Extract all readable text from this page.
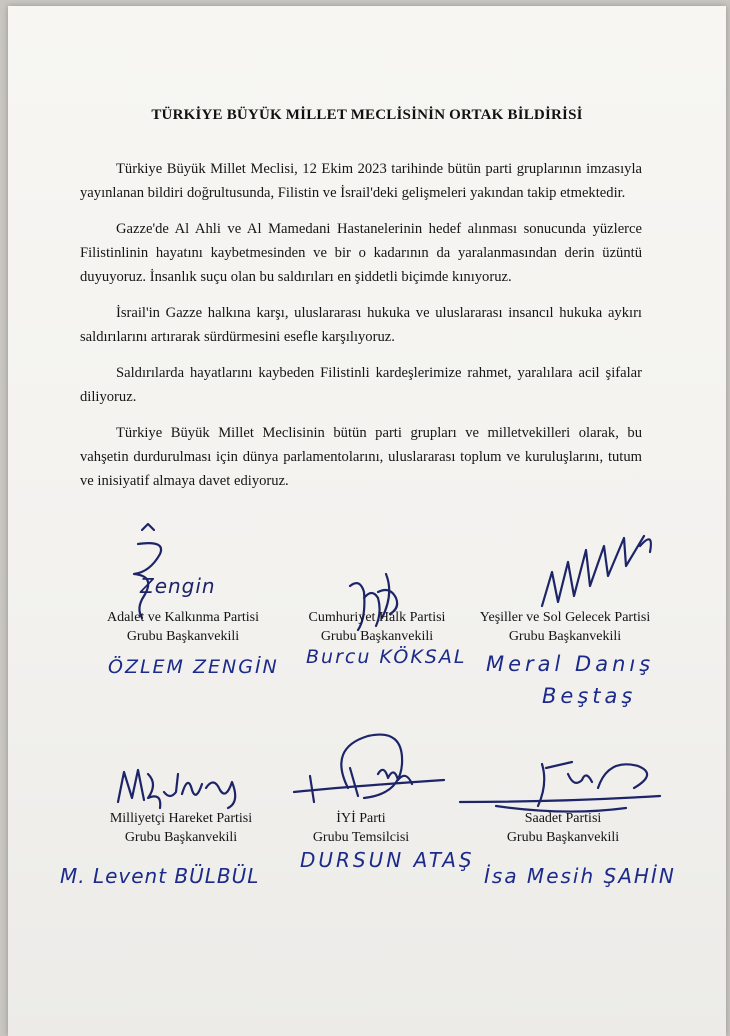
TÜRKİYE BÜYÜK MİLLET MECLİSİNİN ORTAK BİLDİRİSİ

Türkiye Büyük Millet Meclisi, 12 Ekim 2023 tarihinde bütün parti gruplarının imzasıyla yayınlanan bildiri doğrultusunda, Filistin ve İsrail'deki gelişmeleri yakından takip etmektedir.

Gazze'de Al Ahli ve Al Mamedani Hastanelerinin hedef alınması sonucunda yüzlerce Filistinlinin hayatını kaybetmesinden ve bir o kadarının da yaralanmasından derin üzüntü duyuyoruz. İnsanlık suçu olan bu saldırıları en şiddetli biçimde kınıyoruz.

İsrail'in Gazze halkına karşı, uluslararası hukuka ve uluslararası insancıl hukuka aykırı saldırılarını artırarak sürdürmesini esefle karşılıyoruz.

Saldırılarda hayatlarını kaybeden Filistinli kardeşlerimize rahmet, yaralılara acil şifalar diliyoruz.

Türkiye Büyük Millet Meclisinin bütün parti grupları ve milletvekilleri olarak, bu vahşetin durdurulması için dünya parlamentolarını, uluslararası toplum ve kuruluşlarını, tutum ve inisiyatif almaya davet ediyoruz.

Zengin
Adalet ve Kalkınma Partisi
Grubu Başkanvekili
Cumhuriyet Halk Partisi
Grubu Başkanvekili
Yeşiller ve Sol Gelecek Partisi
Grubu Başkanvekili
ÖZLEM ZENGİN Burcu KÖKSAL Meral Danış
Beştaş
Milliyetçi Hareket Partisi
Grubu Başkanvekili
İYİ Parti
Grubu Temsilcisi
Saadet Partisi
Grubu Başkanvekili
M. Levent BÜLBÜL
DURSUN ATAŞ
İsa Mesih ŞAHİN
